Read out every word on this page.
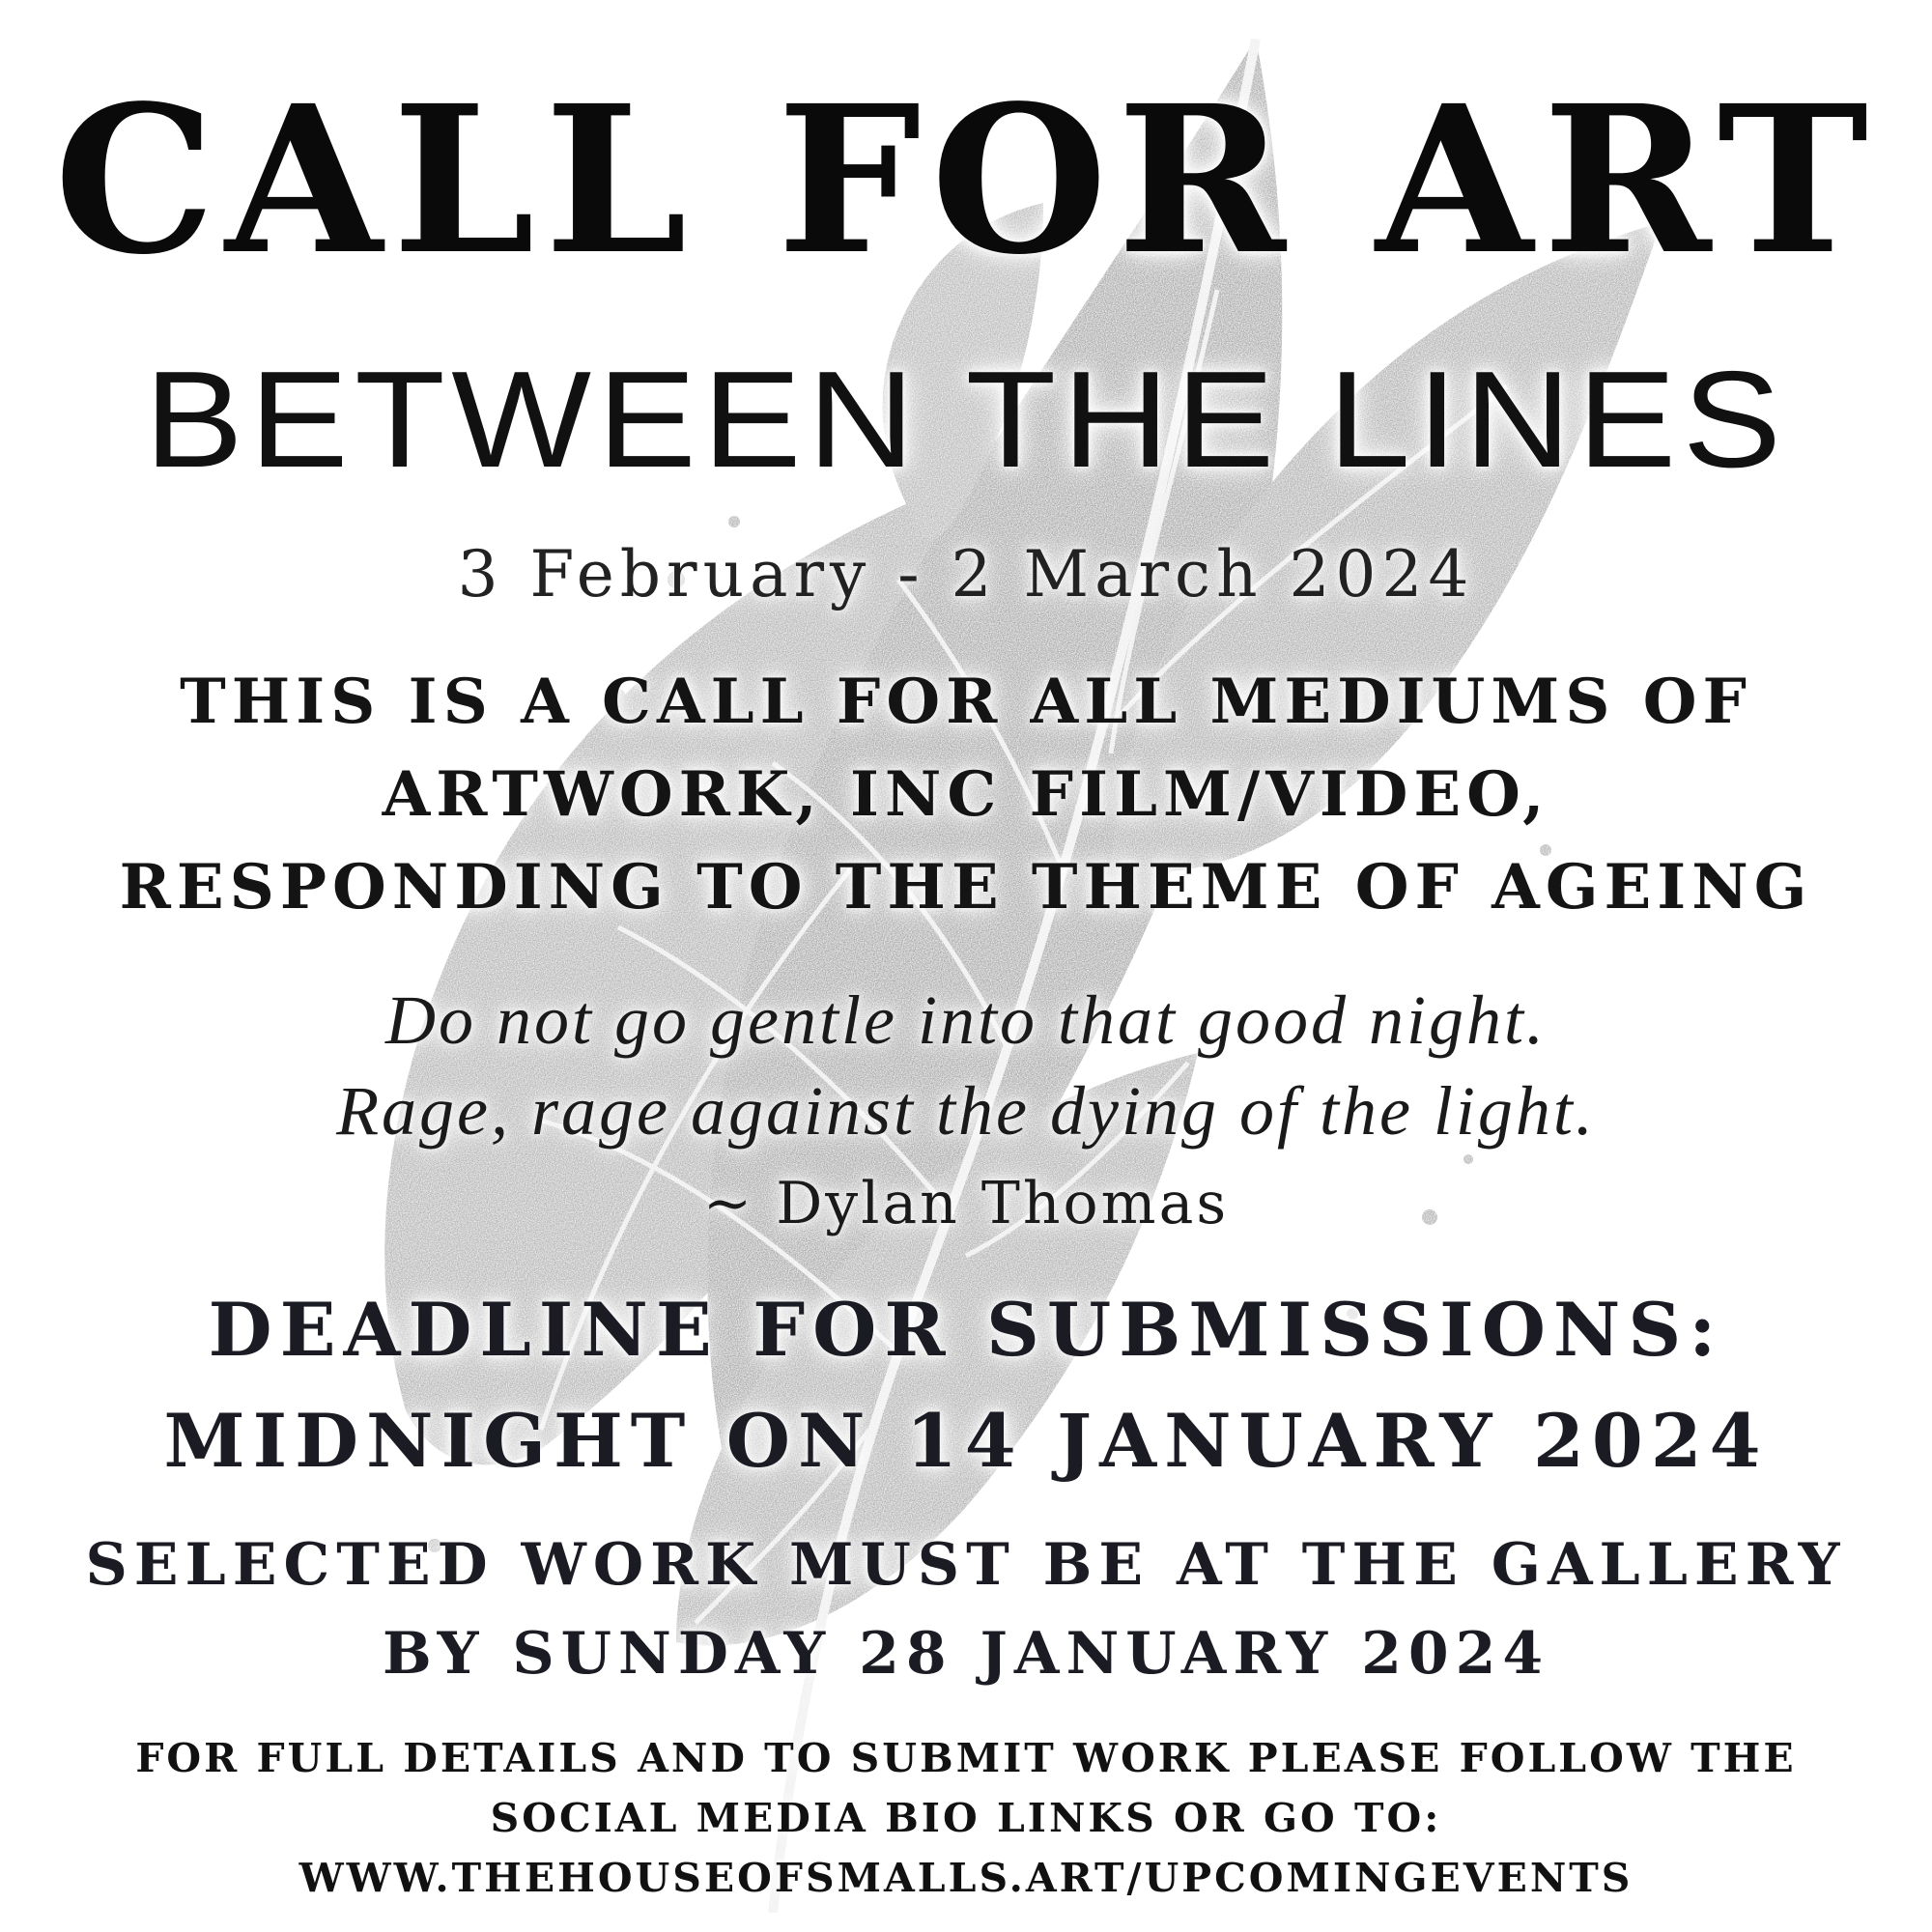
CALL FOR ART
BETWEEN THE LINES
3 February - 2 March 2024
THIS IS A CALL FOR ALL MEDIUMS OF
ARTWORK, INC FILM/VIDEO,
RESPONDING TO THE THEME OF AGEING
Do not go gentle into that good night.
Rage, rage against the dying of the light.
~ Dylan Thomas
DEADLINE FOR SUBMISSIONS:
MIDNIGHT ON 14 JANUARY 2024
SELECTED WORK MUST BE AT THE GALLERY
BY SUNDAY 28 JANUARY 2024
FOR FULL DETAILS AND TO SUBMIT WORK PLEASE FOLLOW THE
SOCIAL MEDIA BIO LINKS OR GO TO:
WWW.THEHOUSEOFSMALLS.ART/UPCOMINGEVENTS
